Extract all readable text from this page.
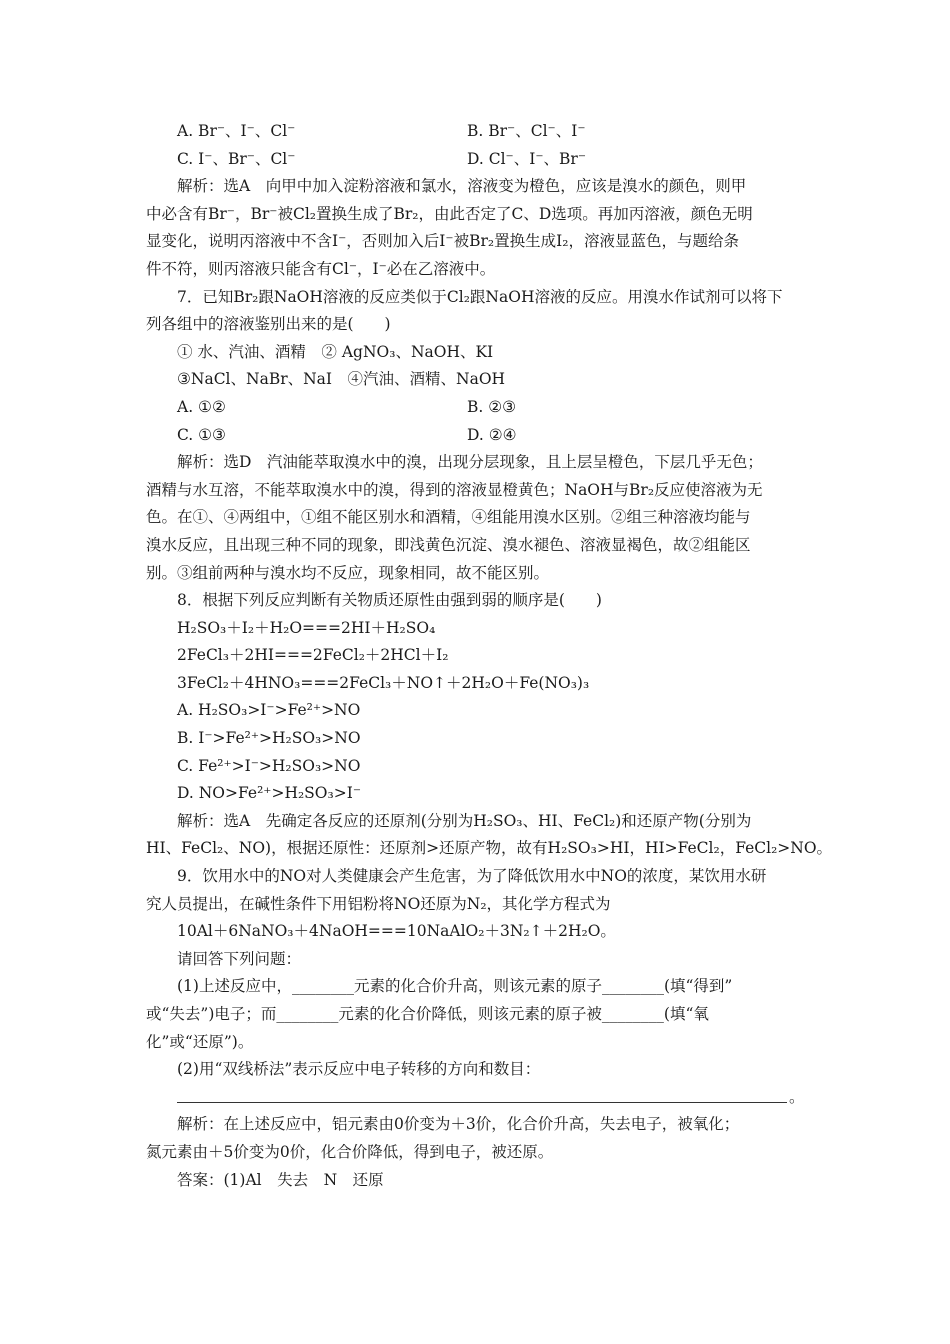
A. Br⁻、I⁻、Cl⁻	B. Br⁻、Cl⁻、I⁻
C. I⁻、Br⁻、Cl⁻	D. Cl⁻、I⁻、Br⁻
解析：选A　向甲中加入淀粉溶液和氯水，溶液变为橙色，应该是溴水的颜色，则甲
中必含有Br⁻，Br⁻被Cl₂置换生成了Br₂，由此否定了C、D选项。再加丙溶液，颜色无明
显变化，说明丙溶液中不含I⁻，否则加入后I⁻被Br₂置换生成I₂，溶液显蓝色，与题给条
件不符，则丙溶液只能含有Cl⁻，I⁻必在乙溶液中。
7．已知Br₂跟NaOH溶液的反应类似于Cl₂跟NaOH溶液的反应。用溴水作试剂可以将下
列各组中的溶液鉴别出来的是(　　)
① 水、汽油、酒精　② AgNO₃、NaOH、KI
③NaCl、NaBr、NaI　④汽油、酒精、NaOH
A. ①②	B. ②③
C. ①③	D. ②④
解析：选D　汽油能萃取溴水中的溴，出现分层现象，且上层呈橙色，下层几乎无色；
酒精与水互溶，不能萃取溴水中的溴，得到的溶液显橙黄色；NaOH与Br₂反应使溶液为无
色。在①、④两组中，①组不能区别水和酒精，④组能用溴水区别。②组三种溶液均能与
溴水反应，且出现三种不同的现象，即浅黄色沉淀、溴水褪色、溶液显褐色，故②组能区
别。③组前两种与溴水均不反应，现象相同，故不能区别。
8．根据下列反应判断有关物质还原性由强到弱的顺序是(　　)
H₂SO₃＋I₂＋H₂O===2HI＋H₂SO₄
2FeCl₃＋2HI===2FeCl₂＋2HCl＋I₂
3FeCl₂＋4HNO₃===2FeCl₃＋NO↑＋2H₂O＋Fe(NO₃)₃
A. H₂SO₃>I⁻>Fe²⁺>NO
B. I⁻>Fe²⁺>H₂SO₃>NO
C. Fe²⁺>I⁻>H₂SO₃>NO
D. NO>Fe²⁺>H₂SO₃>I⁻
解析：选A　先确定各反应的还原剂(分别为H₂SO₃、HI、FeCl₂)和还原产物(分别为
HI、FeCl₂、NO)，根据还原性：还原剂>还原产物，故有H₂SO₃>HI，HI>FeCl₂，FeCl₂>NO。
9．饮用水中的NO对人类健康会产生危害，为了降低饮用水中NO的浓度，某饮用水研
究人员提出，在碱性条件下用铝粉将NO还原为N₂，其化学方程式为
10Al＋6NaNO₃＋4NaOH===10NaAlO₂＋3N₂↑＋2H₂O。
请回答下列问题：
(1)上述反应中，________元素的化合价升高，则该元素的原子________(填“得到”
或“失去”)电子；而________元素的化合价降低，则该元素的原子被________(填“氧
化”或“还原”)。
(2)用“双线桥法”表示反应中电子转移的方向和数目：
。
解析：在上述反应中，铝元素由0价变为＋3价，化合价升高，失去电子，被氧化；
氮元素由＋5价变为0价，化合价降低，得到电子，被还原。
答案：(1)Al　失去　N　还原
